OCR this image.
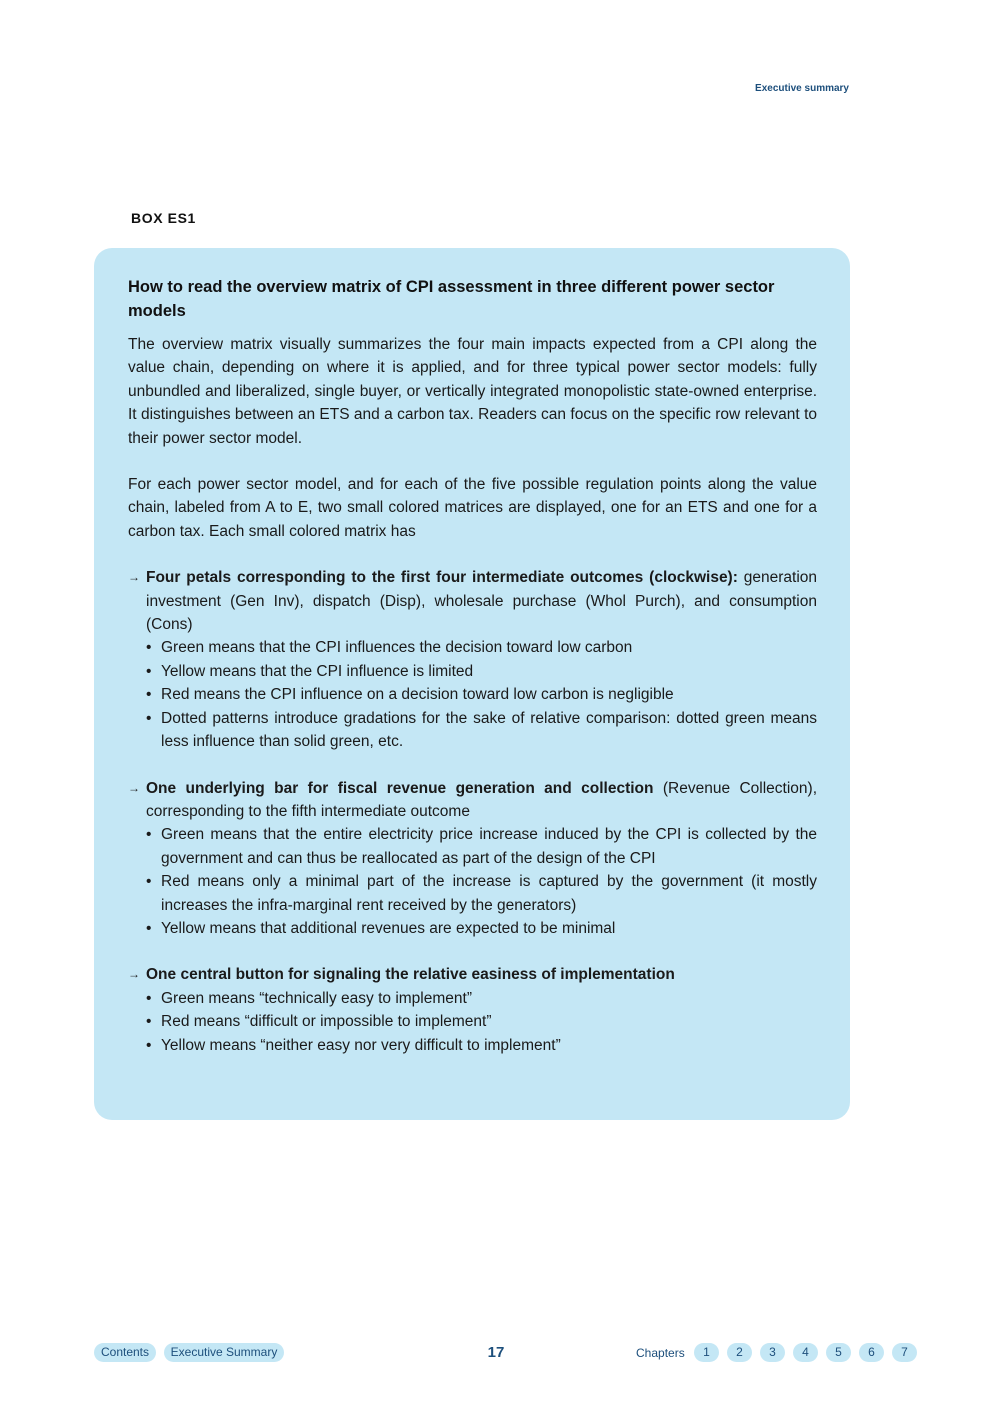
Executive summary
BOX ES1
How to read the overview matrix of CPI assessment in three different power sector models

The overview matrix visually summarizes the four main impacts expected from a CPI along the value chain, depending on where it is applied, and for three typical power sector models: fully unbundled and liberalized, single buyer, or vertically integrated monopolistic state-owned enterprise. It distinguishes between an ETS and a carbon tax. Readers can focus on the specific row relevant to their power sector model.

For each power sector model, and for each of the five possible regulation points along the value chain, labeled from A to E, two small colored matrices are displayed, one for an ETS and one for a carbon tax. Each small colored matrix has

→ Four petals corresponding to the first four intermediate outcomes (clockwise): generation investment (Gen Inv), dispatch (Disp), wholesale purchase (Whol Purch), and consumption (Cons)
• Green means that the CPI influences the decision toward low carbon
• Yellow means that the CPI influence is limited
• Red means the CPI influence on a decision toward low carbon is negligible
• Dotted patterns introduce gradations for the sake of relative comparison: dotted green means less influence than solid green, etc.
→ One underlying bar for fiscal revenue generation and collection (Revenue Collection), corresponding to the fifth intermediate outcome
• Green means that the entire electricity price increase induced by the CPI is collected by the government and can thus be reallocated as part of the design of the CPI
• Red means only a minimal part of the increase is captured by the government (it mostly increases the infra-marginal rent received by the generators)
• Yellow means that additional revenues are expected to be minimal
→ One central button for signaling the relative easiness of implementation
• Green means “technically easy to implement”
• Red means “difficult or impossible to implement”
• Yellow means “neither easy nor very difficult to implement”
Contents	Executive Summary	17	Chapters	1	2	3	4	5	6	7
